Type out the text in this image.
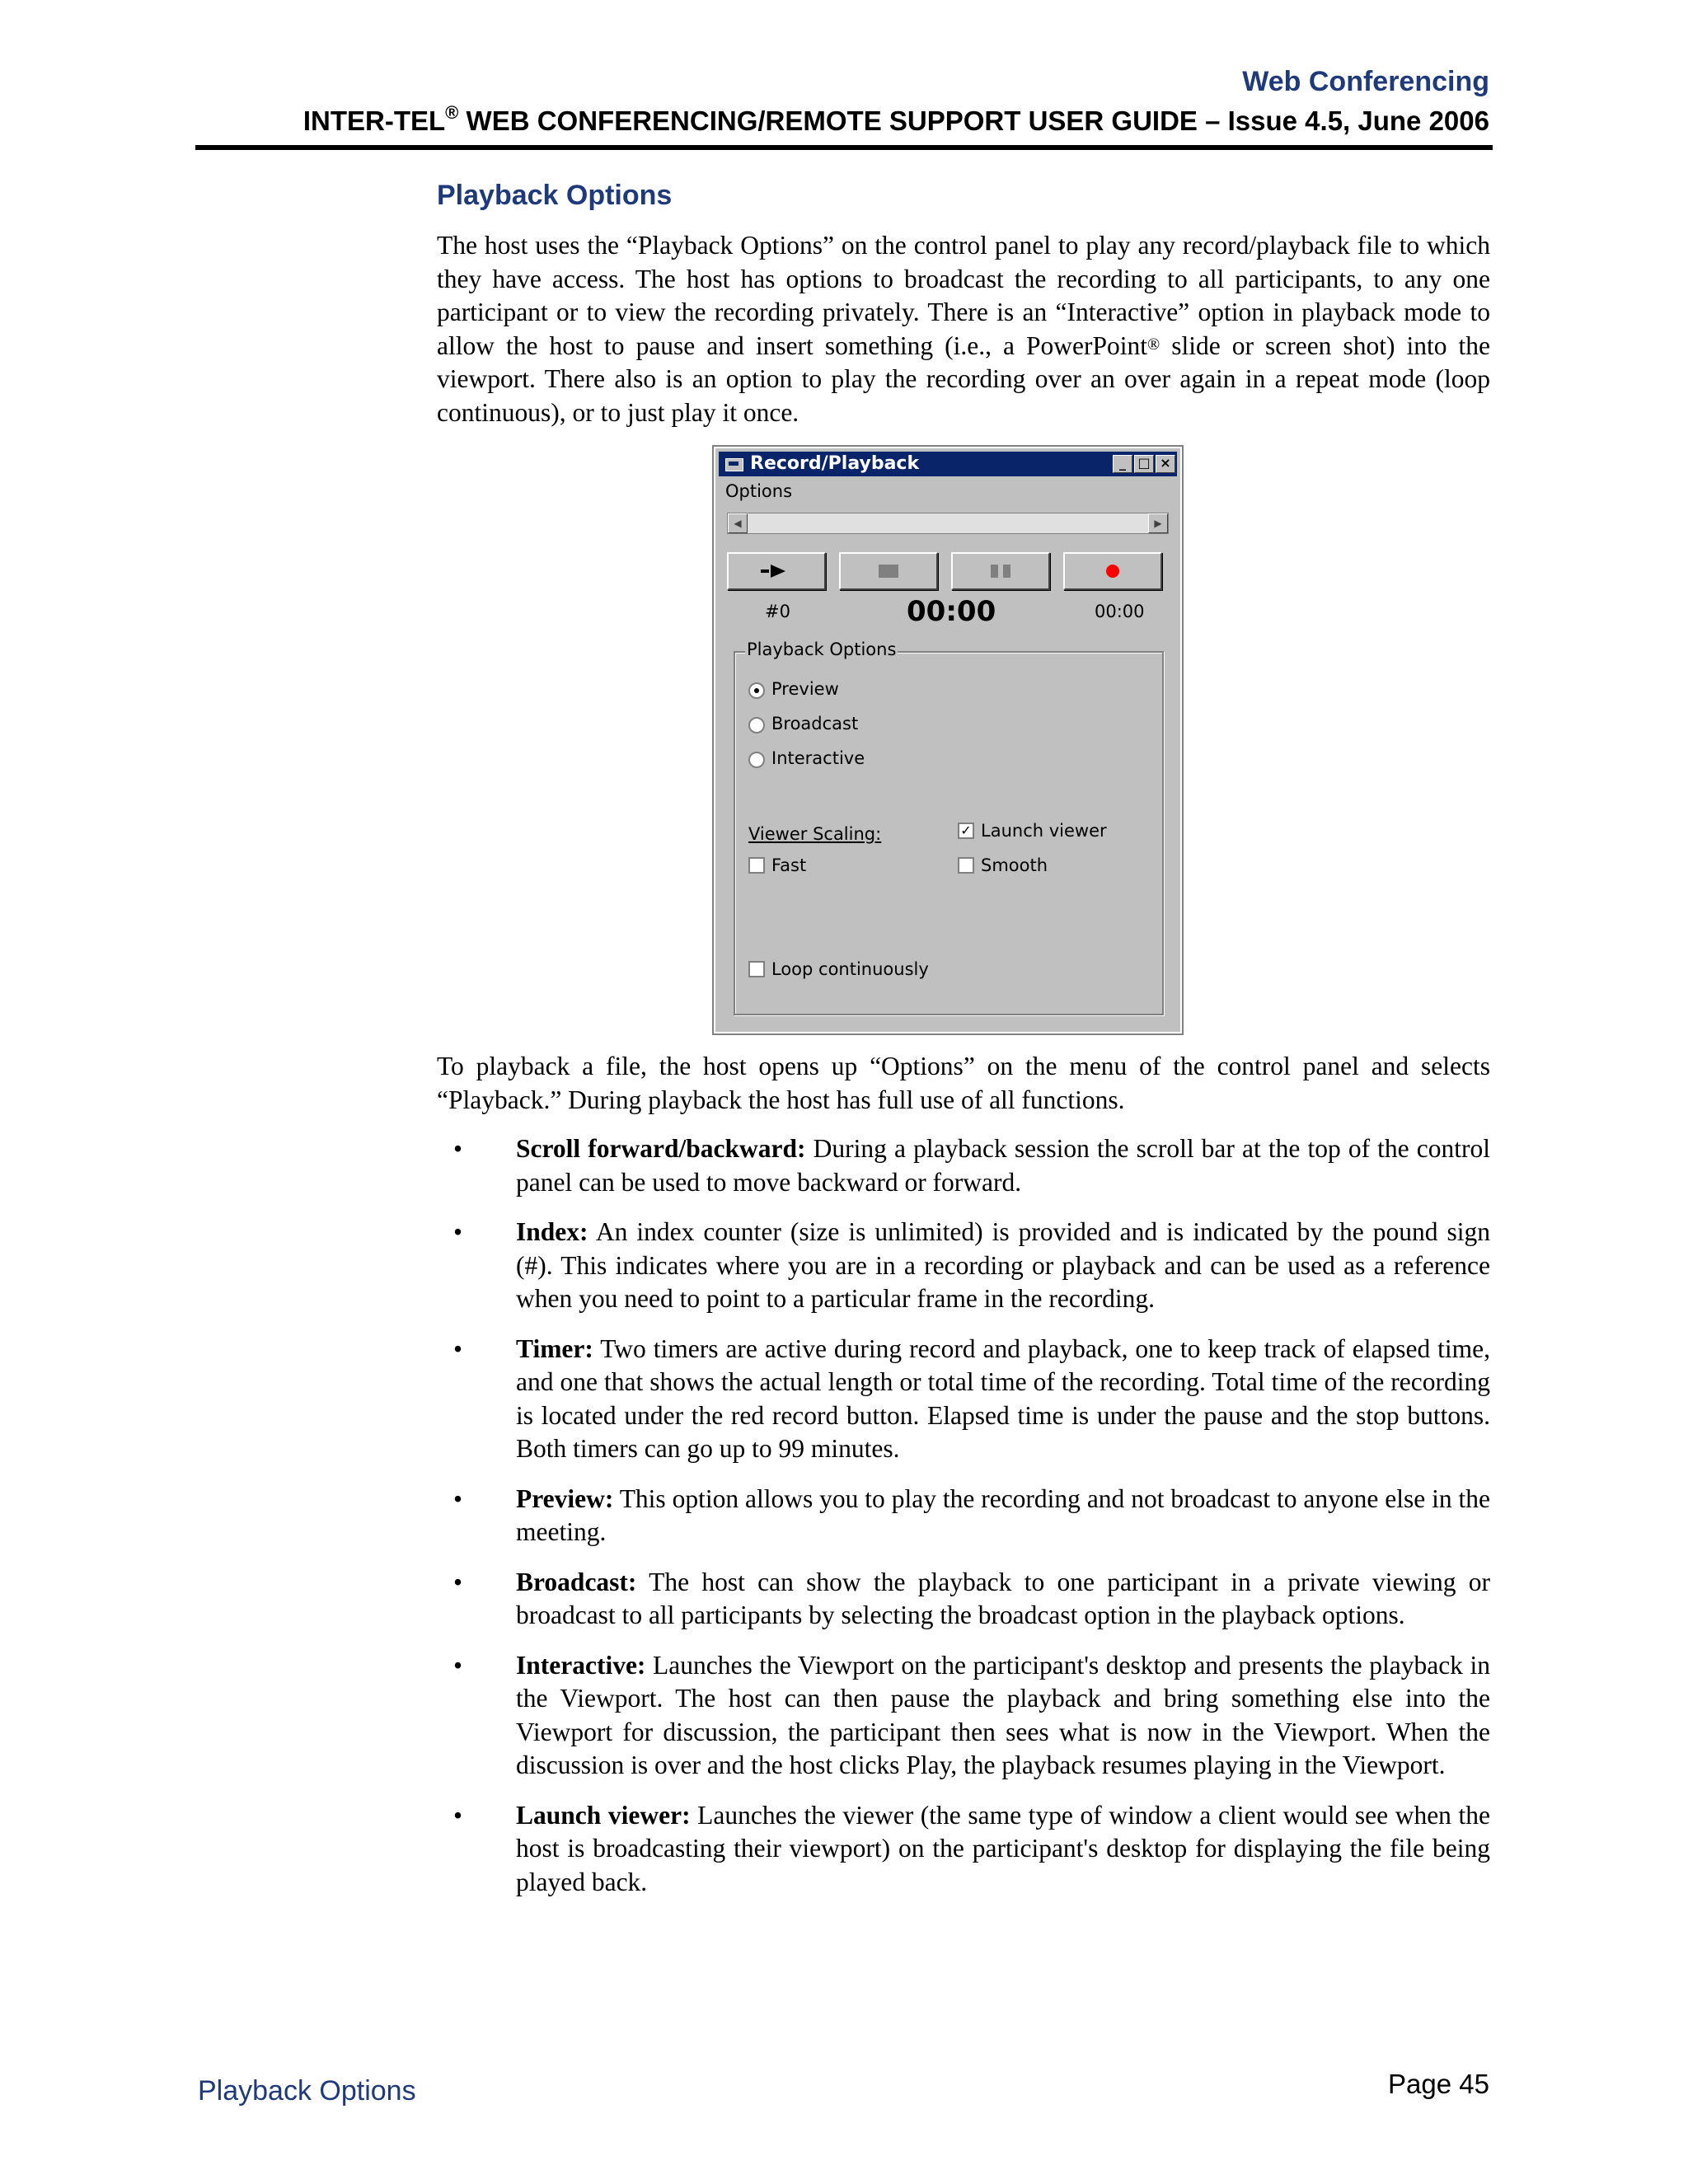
Web Conferencing
INTER-TEL® WEB CONFERENCING/REMOTE SUPPORT USER GUIDE – Issue 4.5, June 2006
Playback Options

The host uses the “Playback Options” on the control panel to play any record/playback file to which they have access. The host has options to broadcast the recording to all participants, to any one participant or to view the recording privately. There is an “Interactive” option in playback mode to allow the host to pause and insert something (i.e., a PowerPoint® slide or screen shot) into the viewport. There also is an option to play the recording over an over again in a repeat mode (loop continuous), or to just play it once.

Record/Playback	_ □ ×
Options
◀	▶
#0	00:00	00:00
Playback Options
Preview
Broadcast
Interactive
Viewer Scaling:	✓ Launch viewer
Fast	Smooth
Loop continuously

To playback a file, the host opens up “Options” on the menu of the control panel and selects “Playback.” During playback the host has full use of all functions.

• Scroll forward/backward: During a playback session the scroll bar at the top of the control panel can be used to move backward or forward.
• Index: An index counter (size is unlimited) is provided and is indicated by the pound sign (#). This indicates where you are in a recording or playback and can be used as a reference when you need to point to a particular frame in the recording.
• Timer: Two timers are active during record and playback, one to keep track of elapsed time, and one that shows the actual length or total time of the recording. Total time of the recording is located under the red record button. Elapsed time is under the pause and the stop buttons. Both timers can go up to 99 minutes.
• Preview: This option allows you to play the recording and not broadcast to anyone else in the meeting.
• Broadcast: The host can show the playback to one participant in a private viewing or broadcast to all participants by selecting the broadcast option in the playback options.
• Interactive: Launches the Viewport on the participant's desktop and presents the playback in the Viewport. The host can then pause the playback and bring something else into the Viewport for discussion, the participant then sees what is now in the Viewport. When the discussion is over and the host clicks Play, the playback resumes playing in the Viewport.
• Launch viewer: Launches the viewer (the same type of window a client would see when the host is broadcasting their viewport) on the participant's desktop for displaying the file being played back.
Playback Options	Page 45
